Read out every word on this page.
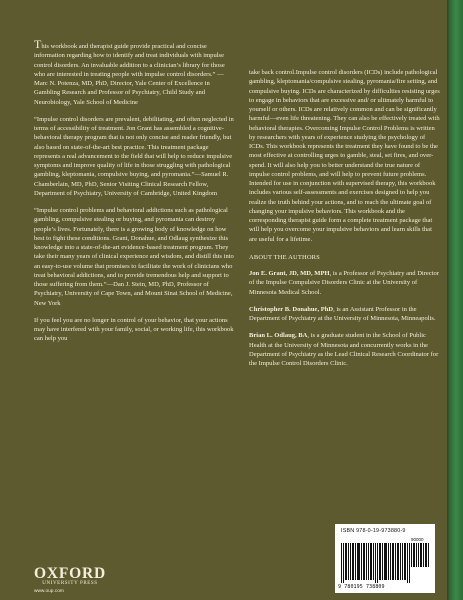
This workbook and therapist guide provide practical and concise information regarding how to identify and treat individuals with impulse control disorders. An invaluable addition to a clinician’s library for those who are interested in treating people with impulse control disorders.” —Marc N. Potenza, MD, PhD, Director, Yale Center of Excellence in Gambling Research and Professor of Psychiatry, Child Study and Neurobiology, Yale School of Medicine

“Impulse control disorders are prevalent, debilitating, and often neglected in terms of accessibility of treatment. Jon Grant has assembled a cognitive-behavioral therapy program that is not only concise and reader friendly, but also based on state-of-the-art best practice. This treatment package represents a real advancement to the field that will help to reduce impulsive symptoms and improve quality of life in those struggling with pathological gambling, kleptomania, compulsive buying, and pyromania.”—Samuel R. Chamberlain, MD, PhD, Senior Visiting Clinical Research Fellow, Department of Psychiatry, University of Cambridge, United Kingdom

“Impulse control problems and behavioral addictions such as pathological gambling, compulsive stealing or buying, and pyromania can destroy people’s lives. Fortunately, there is a growing body of knowledge on how best to fight these conditions. Grant, Donahue, and Odlaug synthesize this knowledge into a state-of-the-art evidence-based treatment program. They take their many years of clinical experience and wisdom, and distill this into an easy-to-use volume that promises to facilitate the work of clinicians who treat behavioral addictions, and to provide tremendous help and support to those suffering from them.”—Dan J. Stein, MD, PhD, Professor of Psychiatry, University of Cape Town, and Mount Sinai School of Medicine, New York

If you feel you are no longer in control of your behavior, that your actions may have interfered with your family, social, or working life, this workbook can help you

take back control.Impulse control disorders (ICDs) include pathological gambling, kleptomania/compulsive stealing, pyromania/fire setting, and compulsive buying. ICDs are characterized by difficulties resisting urges to engage in behaviors that are excessive and/ or ultimately harmful to yourself or others. ICDs are relatively common and can be significantly harmful—even life threatening. They can also be effectively treated with behavioral therapies. Overcoming Impulse Control Problems is written by researchers with years of experience studying the psychology of ICDs. This workbook represents the treatment they have found to be the most effective at controlling urges to gamble, steal, set fires, and over-spend. It will also help you to better understand the true nature of impulse control problems, and will help to prevent future problems. Intended for use in conjunction with supervised therapy, this workbook includes various self-assessments and exercises designed to help you realize the truth behind your actions, and to reach the ultimate goal of changing your impulsive behaviors. This workbook and the corresponding therapist guide form a complete treatment package that will help you overcome your impulsive behaviors and learn skills that are useful for a lifetime.

ABOUT THE AUTHORS

Jon E. Grant, JD, MD, MPH, is a Professor of Psychiatry and Director of the Impulse Compulsive Disorders Clinic at the University of Minnesota Medical School.

Christopher B. Donahue, PhD, is an Assistant Professor in the Department of Psychiatry at the University of Minnesota, Minneapolis.

Brian L. Odlaug, BA, is a graduate student in the School of Public Health at the University of Minnesota and concurrently works in the Department of Psychiatry as the Lead Clinical Research Coordinator for the Impulse Control Disorders Clinic.

OXFORD
UNIVERSITY PRESS
www.oup.com
ISBN 978-0-19-973880-9
90000
9 780195 738809
